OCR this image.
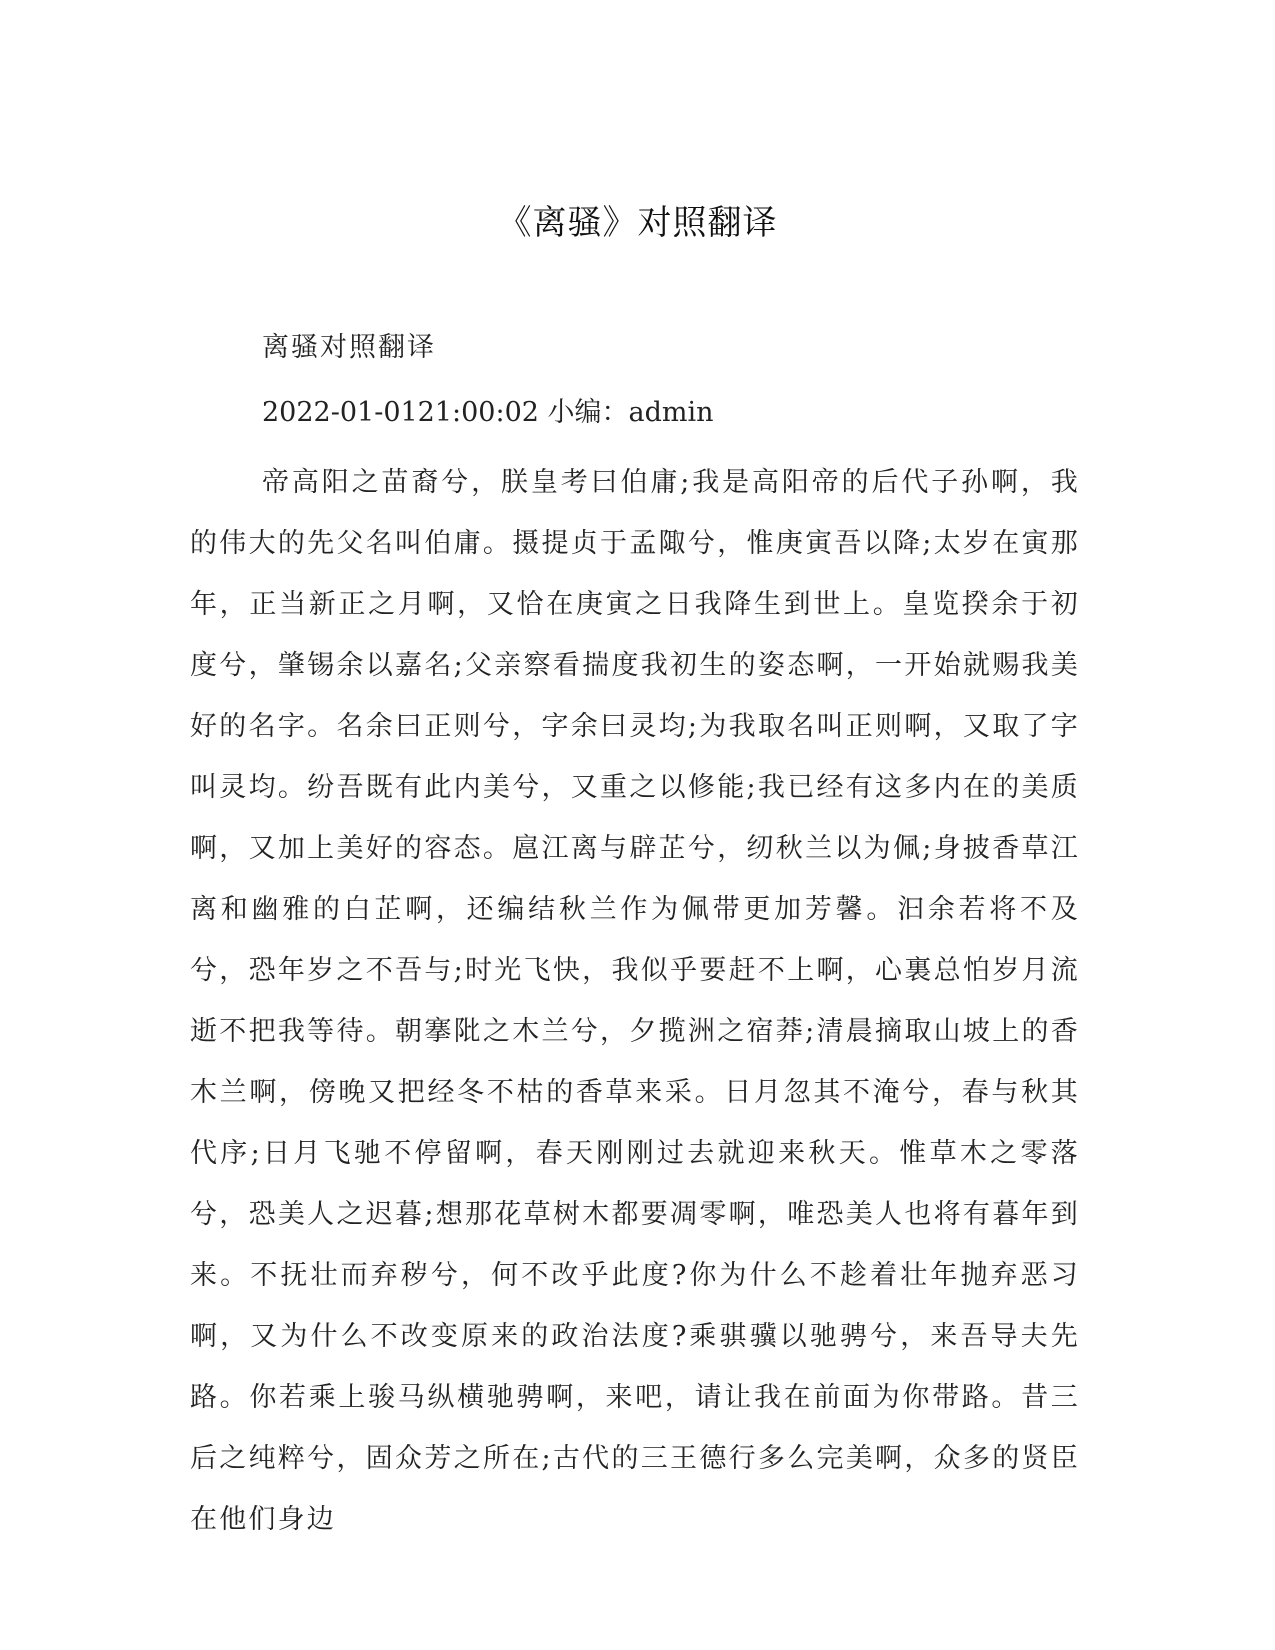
《离骚》对照翻译

离骚对照翻译

2022-01-0121:00:02 小编：admin

帝高阳之苗裔兮，朕皇考曰伯庸;我是高阳帝的后代子孙啊，我的伟大的先父名叫伯庸。摄提贞于孟陬兮，惟庚寅吾以降;太岁在寅那年，正当新正之月啊，又恰在庚寅之日我降生到世上。皇览揆余于初度兮，肇锡余以嘉名;父亲察看揣度我初生的姿态啊，一开始就赐我美好的名字。名余曰正则兮，字余曰灵均;为我取名叫正则啊，又取了字叫灵均。纷吾既有此内美兮，又重之以修能;我已经有这多内在的美质啊，又加上美好的容态。扈江离与辟芷兮，纫秋兰以为佩;身披香草江离和幽雅的白芷啊，还编结秋兰作为佩带更加芳馨。汩余若将不及兮，恐年岁之不吾与;时光飞快，我似乎要赶不上啊，心裏总怕岁月流逝不把我等待。朝搴阰之木兰兮，夕揽洲之宿莽;清晨摘取山坡上的香木兰啊，傍晚又把经冬不枯的香草来采。日月忽其不淹兮，春与秋其代序;日月飞驰不停留啊，春天刚刚过去就迎来秋天。惟草木之零落兮，恐美人之迟暮;想那花草树木都要凋零啊，唯恐美人也将有暮年到来。不抚壮而弃秽兮，何不改乎此度?你为什么不趁着壮年抛弃恶习啊，又为什么不改变原来的政治法度?乘骐骥以驰骋兮，来吾导夫先路。你若乘上骏马纵横驰骋啊，来吧，请让我在前面为你带路。昔三后之纯粹兮，固众芳之所在;古代的三王德行多么完美啊，众多的贤臣在他们身边
